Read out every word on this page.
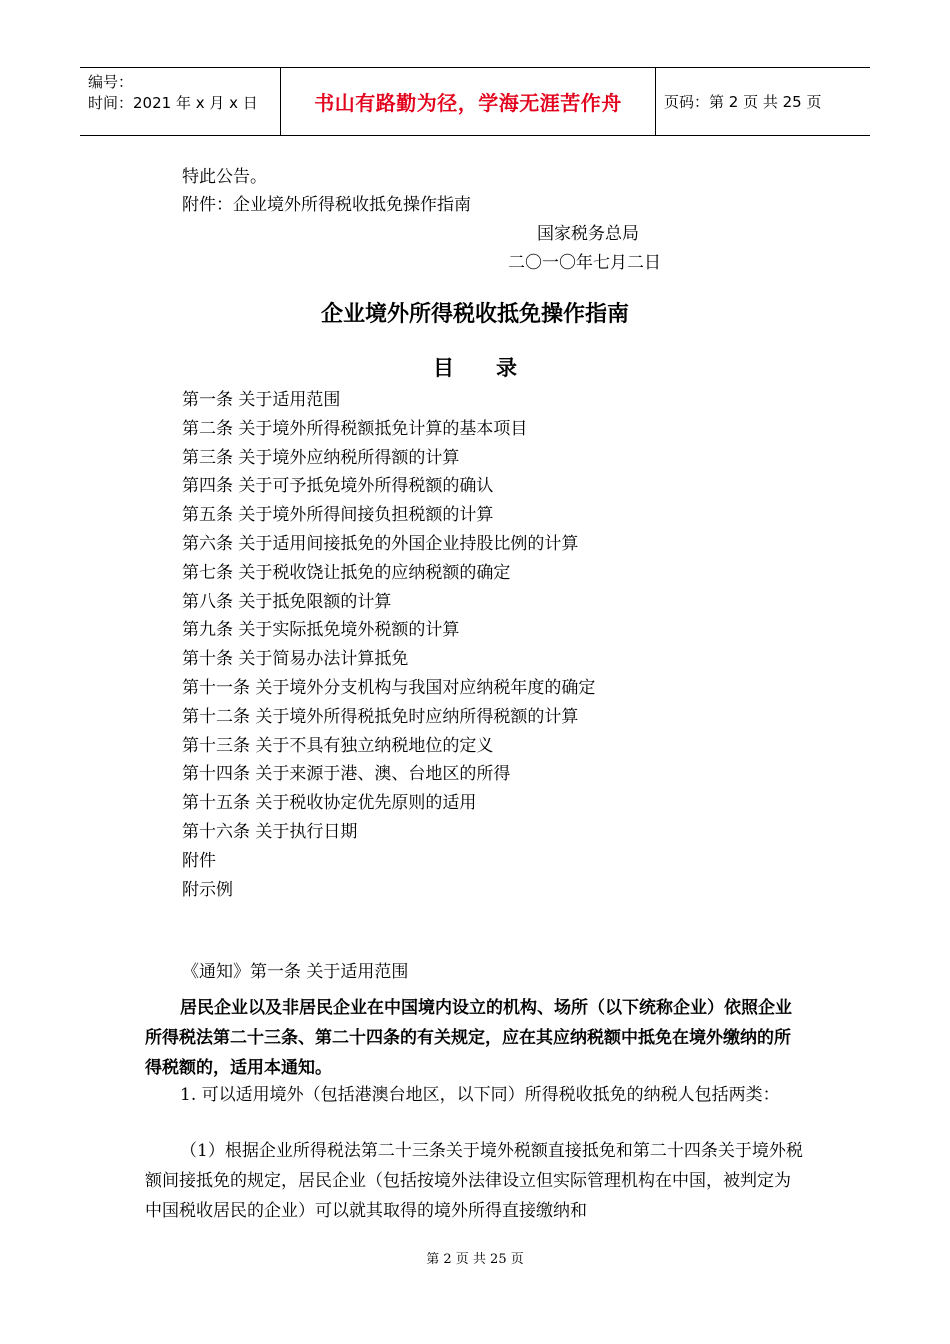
编号：
时间：2021 年 x 月 x 日	书山有路勤为径，学海无涯苦作舟	页码：第 2 页 共 25 页
特此公告。
附件：企业境外所得税收抵免操作指南
国家税务总局
二〇一〇年七月二日
企业境外所得税收抵免操作指南
目　　录
第一条 关于适用范围
第二条 关于境外所得税额抵免计算的基本项目
第三条 关于境外应纳税所得额的计算
第四条 关于可予抵免境外所得税额的确认
第五条 关于境外所得间接负担税额的计算
第六条 关于适用间接抵免的外国企业持股比例的计算
第七条 关于税收饶让抵免的应纳税额的确定
第八条 关于抵免限额的计算
第九条 关于实际抵免境外税额的计算
第十条 关于简易办法计算抵免
第十一条 关于境外分支机构与我国对应纳税年度的确定
第十二条 关于境外所得税抵免时应纳所得税额的计算
第十三条 关于不具有独立纳税地位的定义
第十四条 关于来源于港、澳、台地区的所得
第十五条 关于税收协定优先原则的适用
第十六条 关于执行日期
附件
附示例
《通知》第一条 关于适用范围
居民企业以及非居民企业在中国境内设立的机构、场所（以下统称企业）依照企业所得税法第二十三条、第二十四条的有关规定，应在其应纳税额中抵免在境外缴纳的所得税额的，适用本通知。
1. 可以适用境外（包括港澳台地区，以下同）所得税收抵免的纳税人包括两类：
（1）根据企业所得税法第二十三条关于境外税额直接抵免和第二十四条关于境外税额间接抵免的规定，居民企业（包括按境外法律设立但实际管理机构在中国，被判定为中国税收居民的企业）可以就其取得的境外所得直接缴纳和
第 2 页 共 25 页
